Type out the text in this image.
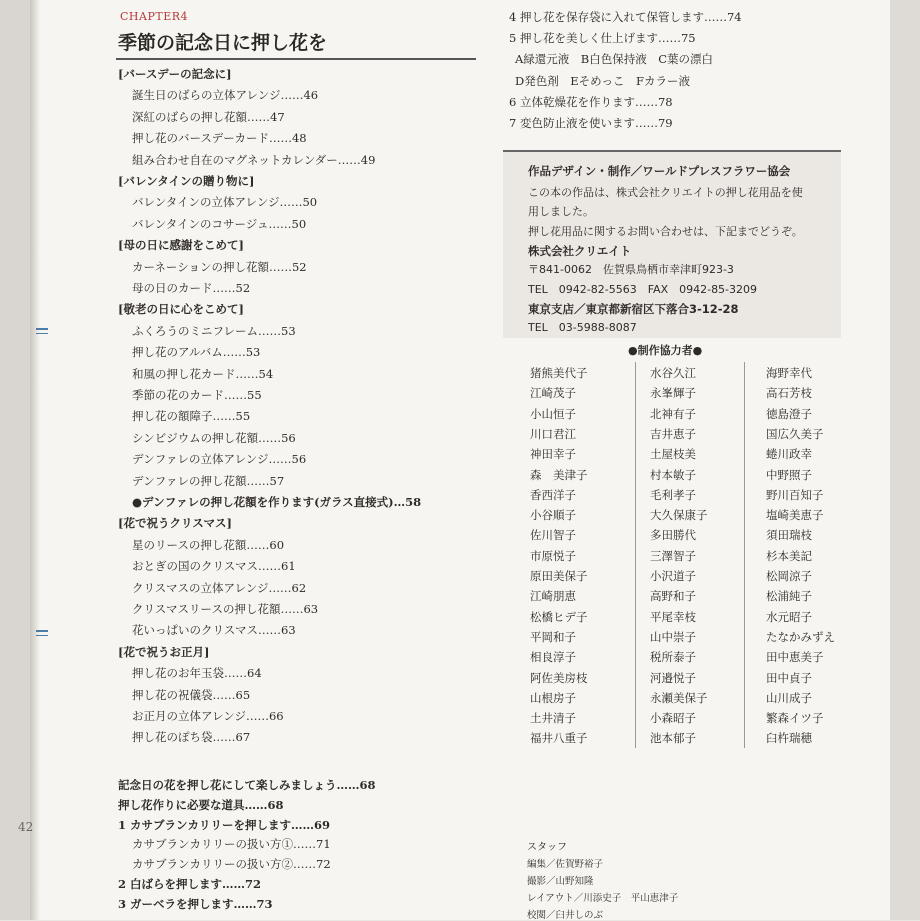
42
CHAPTER4
季節の記念日に押し花を
[バースデーの記念に]
誕生日のばらの立体アレンジ……46
深紅のばらの押し花額……47
押し花のバースデーカード……48
組み合わせ自在のマグネットカレンダー……49
[バレンタインの贈り物に]
バレンタインの立体アレンジ……50
バレンタインのコサージュ……50
[母の日に感謝をこめて]
カーネーションの押し花額……52
母の日のカード……52
[敬老の日に心をこめて]
ふくろうのミニフレーム……53
押し花のアルバム……53
和風の押し花カード……54
季節の花のカード……55
押し花の額障子……55
シンビジウムの押し花額……56
デンファレの立体アレンジ……56
デンファレの押し花額……57
●デンファレの押し花額を作ります(ガラス直接式)…58
[花で祝うクリスマス]
星のリースの押し花額……60
おとぎの国のクリスマス……61
クリスマスの立体アレンジ……62
クリスマスリースの押し花額……63
花いっぱいのクリスマス……63
[花で祝うお正月]
押し花のお年玉袋……64
押し花の祝儀袋……65
お正月の立体アレンジ……66
押し花のぽち袋……67
記念日の花を押し花にして楽しみましょう……68
押し花作りに必要な道具……68
1 カサブランカリリーを押します……69
カサブランカリリーの扱い方①……71
カサブランカリリーの扱い方②……72
2 白ばらを押します……72
3 ガーベラを押します……73
4 押し花を保存袋に入れて保管します……74
5 押し花を美しく仕上げます……75
A緑還元液　B白色保持液　C葉の漂白
D発色剤　Eそめっこ　Fカラー液
6 立体乾燥花を作ります……78
7 変色防止液を使います……79
作品デザイン・制作／ワールドプレスフラワー協会
この本の作品は、株式会社クリエイトの押し花用品を使
用しました。
押し花用品に関するお問い合わせは、下記までどうぞ。
株式会社クリエイト
〒841-0062　佐賀県鳥栖市幸津町923-3
TEL　0942-82-5563　FAX　0942-85-3209
東京支店／東京都新宿区下落合3-12-28
TEL　03-5988-8087
●制作協力者●
猪熊美代子
江崎茂子
小山恒子
川口君江
神田幸子
森　美津子
香西洋子
小谷順子
佐川智子
市原悦子
原田美保子
江崎朋恵
松橋ヒデ子
平岡和子
相良淳子
阿佐美房枝
山根房子
土井清子
福井八重子
水谷久江
永峯輝子
北神有子
吉井恵子
土屋枝美
村本敏子
毛利孝子
大久保康子
多田勝代
三澤智子
小沢道子
高野和子
平尾幸枝
山中崇子
税所泰子
河邉悦子
永瀬美保子
小森昭子
池本郁子
海野幸代
高石芳枝
徳島澄子
国広久美子
蜷川政幸
中野照子
野川百知子
塩崎美恵子
須田瑞枝
杉本美記
松岡涼子
松浦純子
水元昭子
たなかみずえ
田中恵美子
田中貞子
山川成子
繁森イツ子
臼杵瑞穂
スタッフ
編集／佐賀野裕子
撮影／山野知隆
レイアウト／川添史子　平山恵津子
校閲／臼井しのぶ
